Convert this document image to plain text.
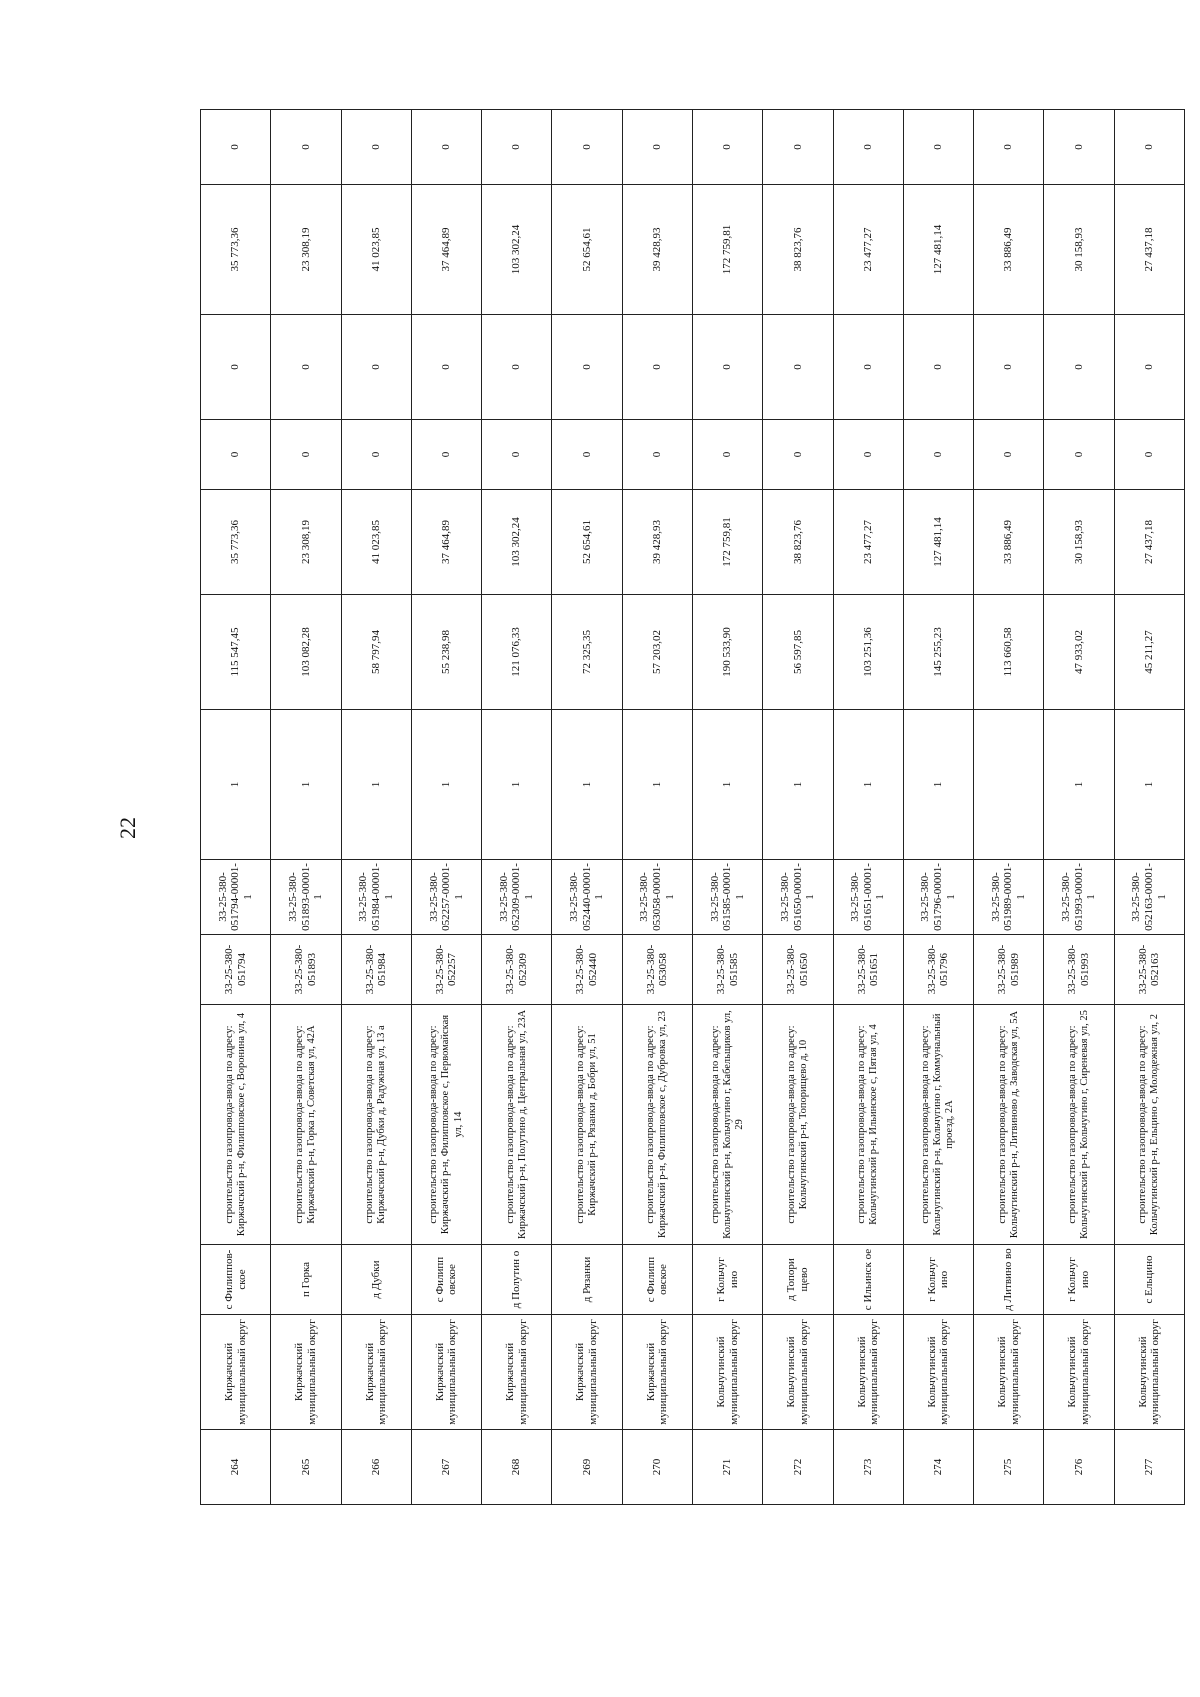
22
264	Киржачский муниципальный округ	с Филипповское	строительство газопровода-ввода по адресу: Киржачский р-н, Филипповское с, Воронина ул, 4	33-25-380-051794	33-25-380-051794-00001-1	1	115 547,45	35 773,36	0	0	35 773,36	0
265	Киржачский муниципальный округ	п Горка	строительство газопровода-ввода по адресу: Киржачский р-н, Горка п, Советская ул, 42А	33-25-380-051893	33-25-380-051893-00001-1	1	103 082,28	23 308,19	0	0	23 308,19	0
266	Киржачский муниципальный округ	д Дубки	строительство газопровода-ввода по адресу: Киржачский р-н, Дубки д, Радужная ул, 13 а	33-25-380-051984	33-25-380-051984-00001-1	1	58 797,94	41 023,85	0	0	41 023,85	0
267	Киржачский муниципальный округ	с Филипп овское	строительство газопровода-ввода по адресу: Киржачский р-н, Филипповское с, Первомайская ул, 14	33-25-380-052257	33-25-380-052257-00001-1	1	55 238,98	37 464,89	0	0	37 464,89	0
268	Киржачский муниципальный округ	д Полутин о	строительство газопровода-ввода по адресу: Киржачский р-н, Полутино д, Центральная ул, 23А	33-25-380-052309	33-25-380-052309-00001-1	1	121 076,33	103 302,24	0	0	103 302,24	0
269	Киржачский муниципальный округ	д Рязанки	строительство газопровода-ввода по адресу: Киржачский р-н, Рязанки д, Бобри ул, 51	33-25-380-052440	33-25-380-052440-00001-1	1	72 325,35	52 654,61	0	0	52 654,61	0
270	Киржачский муниципальный округ	с Филипп овское	строительство газопровода-ввода по адресу: Киржачский р-н, Филипповское с, Дубровка ул, 23	33-25-380-053058	33-25-380-053058-00001-1	1	57 203,02	39 428,93	0	0	39 428,93	0
271	Кольчугинский муниципальный округ	г Кольчуг ино	строительство газопровода-ввода по адресу: Кольчугинский р-н, Кольчугино г, Кабельщиков ул, 29	33-25-380-051585	33-25-380-051585-00001-1	1	190 533,90	172 759,81	0	0	172 759,81	0
272	Кольчугинский муниципальный округ	д Топори щево	строительство газопровода-ввода по адресу: Кольчугинский р-н, Топорищево д, 10	33-25-380-051650	33-25-380-051650-00001-1	1	56 597,85	38 823,76	0	0	38 823,76	0
273	Кольчугинский муниципальный округ	с Ильинск ое	строительство газопровода-ввода по адресу: Кольчугинский р-н, Ильинское с, Пятая ул, 4	33-25-380-051651	33-25-380-051651-00001-1	1	103 251,36	23 477,27	0	0	23 477,27	0
274	Кольчугинский муниципальный округ	г Кольчуг ино	строительство газопровода-ввода по адресу: Кольчугинский р-н, Кольчугино г, Коммунальный проезд, 2А	33-25-380-051796	33-25-380-051796-00001-1	1	145 255,23	127 481,14	0	0	127 481,14	0
275	Кольчугинский муниципальный округ	д Литвино во	строительство газопровода-ввода по адресу: Кольчугинский р-н, Литвиново д, Заводская ул, 5А	33-25-380-051989	33-25-380-051989-00001-1		113 660,58	33 886,49	0	0	33 886,49	0
276	Кольчугинский муниципальный округ	г Кольчуг ино	строительство газопровода-ввода по адресу: Кольчугинский р-н, Кольчугино г, Сиреневая ул, 25	33-25-380-051993	33-25-380-051993-00001-1	1	47 933,02	30 158,93	0	0	30 158,93	0
277	Кольчугинский муниципальный округ	с Ельцино	строительство газопровода-ввода по адресу: Кольчугинский р-н, Ельцино с, Молодежная ул, 2	33-25-380-052163	33-25-380-052163-00001-1	1	45 211,27	27 437,18	0	0	27 437,18	0
